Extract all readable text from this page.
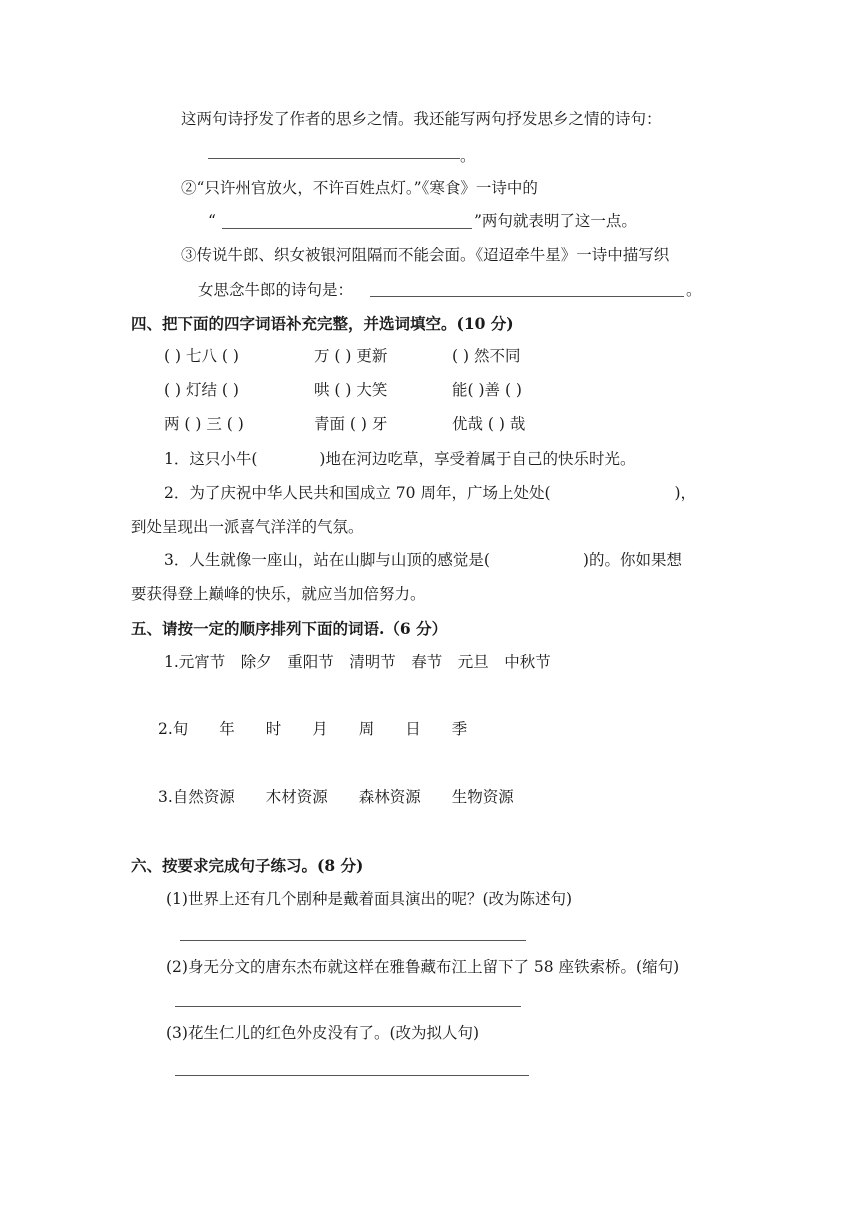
这两句诗抒发了作者的思乡之情。我还能写两句抒发思乡之情的诗句：
。
②“只许州官放火，不许百姓点灯。”《寒食》一诗中的
“	”两句就表明了这一点。
③传说牛郎、织女被银河阻隔而不能会面。《迢迢牵牛星》一诗中描写织
女思念牛郎的诗句是：	。
四、把下面的四字词语补充完整，并选词填空。(10 分)
( ) 七八 ( )	万 ( ) 更新	( ) 然不同
( ) 灯结 ( )	哄 ( ) 大笑	能( )善 ( )
两 ( ) 三 ( )	青面 ( ) 牙	优哉 ( ) 哉
1．这只小牛(　　　　)地在河边吃草，享受着属于自己的快乐时光。
2．为了庆祝中华人民共和国成立 70 周年，广场上处处(　　　　　　　　)，
到处呈现出一派喜气洋洋的气氛。
3．人生就像一座山，站在山脚与山顶的感觉是(　　　　　　)的。你如果想
要获得登上巅峰的快乐，就应当加倍努力。
五、请按一定的顺序排列下面的词语.（6 分）
1.元宵节　除夕　重阳节　清明节　春节　元旦　中秋节
2.旬　　年　　时　　月　　周　　日　　季
3.自然资源　　木材资源　　森林资源　　生物资源
六、按要求完成句子练习。(8 分)
(1)世界上还有几个剧种是戴着面具演出的呢？(改为陈述句)
(2)身无分文的唐东杰布就这样在雅鲁藏布江上留下了 58 座铁索桥。(缩句)
(3)花生仁儿的红色外皮没有了。(改为拟人句)
